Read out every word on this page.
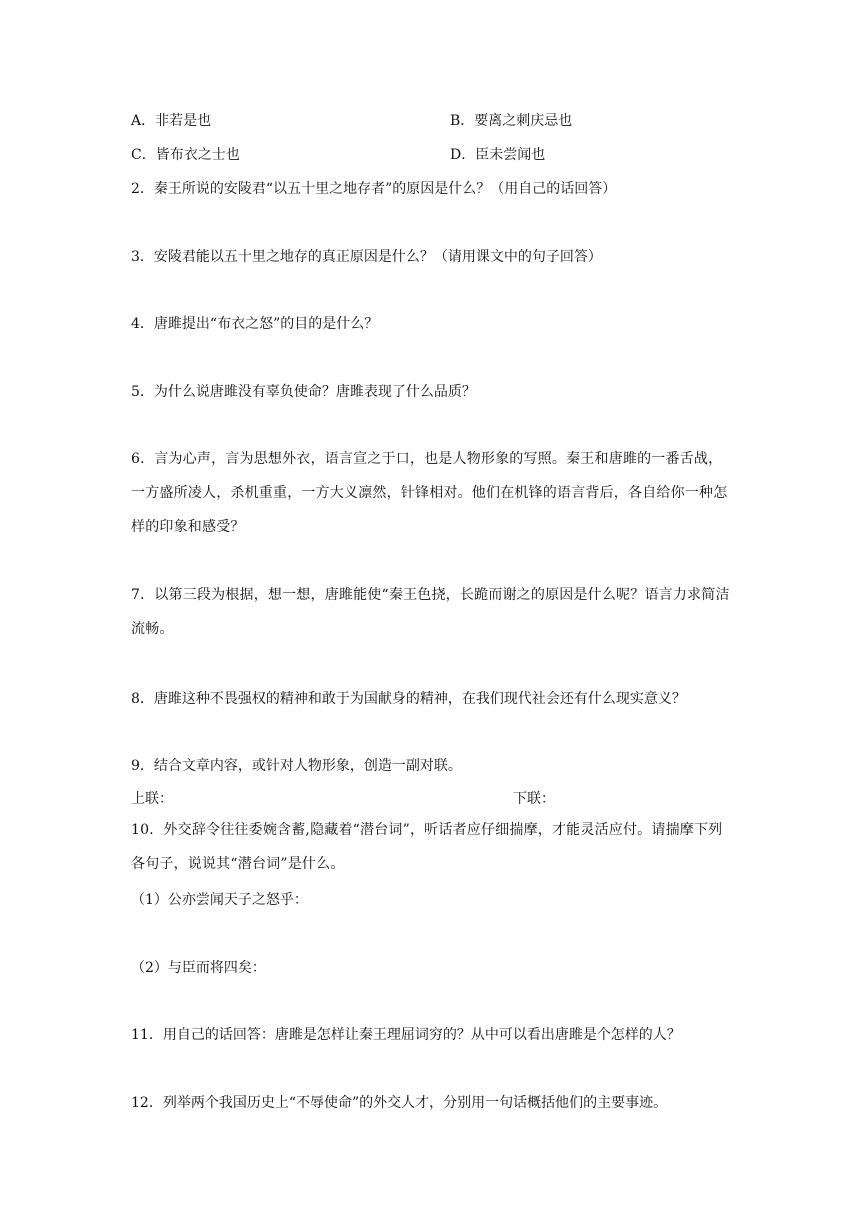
A．非若是也	B．要离之刺庆忌也
C．皆布衣之士也	D．臣未尝闻也
2．秦王所说的安陵君“以五十里之地存者”的原因是什么？（用自己的话回答）
3．安陵君能以五十里之地存的真正原因是什么？（请用课文中的句子回答）
4．唐雎提出“布衣之怒”的目的是什么？
5．为什么说唐雎没有辜负使命？唐雎表现了什么品质？
6．言为心声，言为思想外衣，语言宣之于口，也是人物形象的写照。秦王和唐雎的一番舌战，一方盛所凌人，杀机重重，一方大义凛然，针锋相对。他们在机锋的语言背后，各自给你一种怎样的印象和感受？
7．以第三段为根据，想一想，唐雎能使“秦王色挠，长跪而谢之的原因是什么呢？语言力求简洁流畅。
8．唐雎这种不畏强权的精神和敢于为国献身的精神，在我们现代社会还有什么现实意义？
9．结合文章内容，或针对人物形象，创造一副对联。
上联：	下联：
10．外交辞令往往委婉含蓄,隐藏着“潜台词”，听话者应仔细揣摩，才能灵活应付。请揣摩下列各句子，说说其“潜台词”是什么。
（1）公亦尝闻天子之怒乎：
（2）与臣而将四矣：
11．用自己的话回答：唐雎是怎样让秦王理屈词穷的？从中可以看出唐雎是个怎样的人？
12．列举两个我国历史上“不辱使命”的外交人才，分别用一句话概括他们的主要事迹。
